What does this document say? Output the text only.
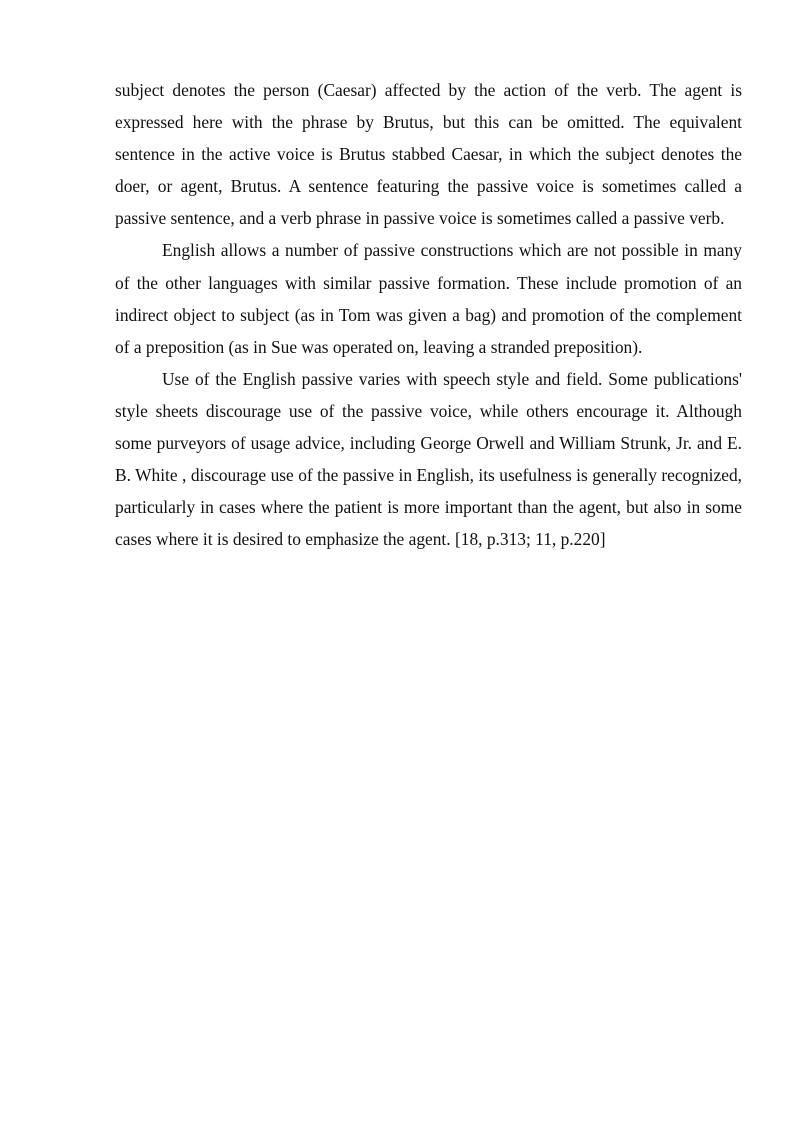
subject denotes the person (Caesar) affected by the action of the verb. The agent is expressed here with the phrase by Brutus, but this can be omitted. The equivalent sentence in the active voice is Brutus stabbed Caesar, in which the subject denotes the doer, or agent, Brutus. A sentence featuring the passive voice is sometimes called a passive sentence, and a verb phrase in passive voice is sometimes called a passive verb.

English allows a number of passive constructions which are not possible in many of the other languages with similar passive formation. These include promotion of an indirect object to subject (as in Tom was given a bag) and promotion of the complement of a preposition (as in Sue was operated on, leaving a stranded preposition).

Use of the English passive varies with speech style and field. Some publications' style sheets discourage use of the passive voice, while others encourage it. Although some purveyors of usage advice, including George Orwell and William Strunk, Jr. and E. B. White , discourage use of the passive in English, its usefulness is generally recognized, particularly in cases where the patient is more important than the agent, but also in some cases where it is desired to emphasize the agent. [18, p.313; 11, p.220]
